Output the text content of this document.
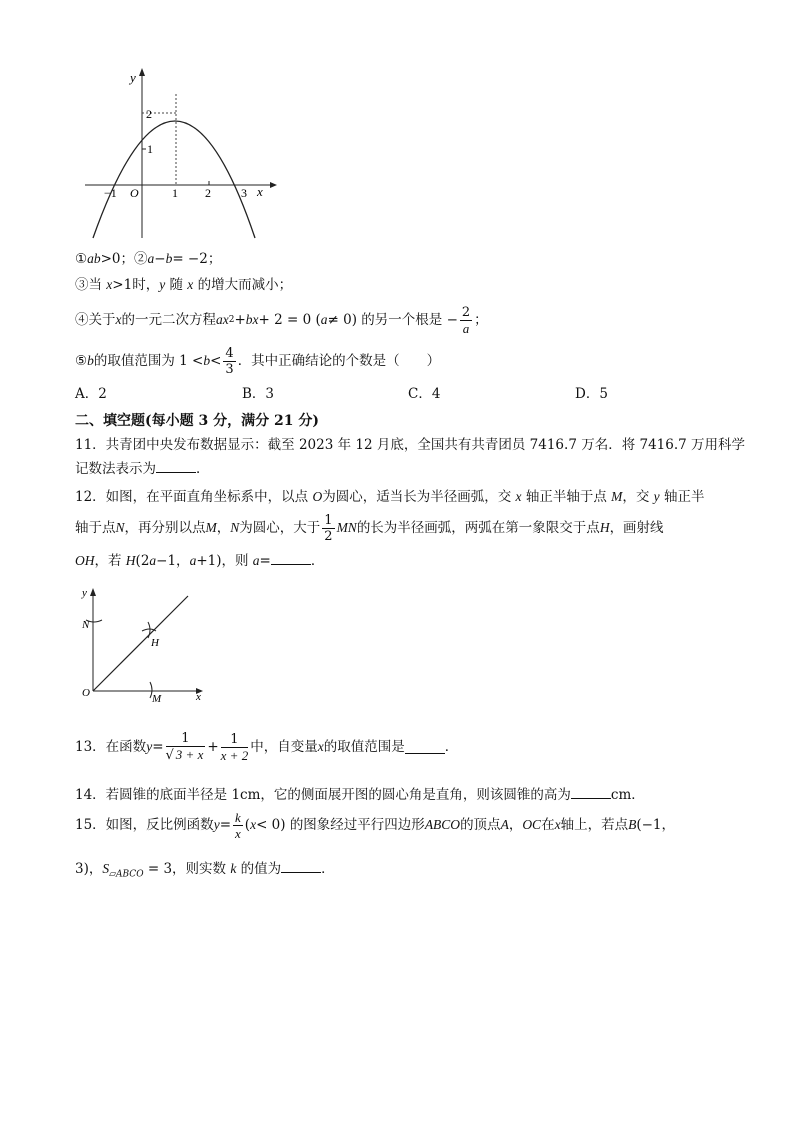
y
x
O
2
1
−1	1 2	3
①ab>0；②a−b= −2；
③当 x>1时，y 随 x 的增大而减小；
④关于 x 的一元二次方程 ax 2 + bx + 2 = 0 ( a ≠ 0) 的另一个根是 − $\frac{2}{a}$ ；
⑤ b 的取值范围为 $1 < b < \frac{4}{3}$ ．其中正确结论的个数是（　　）
A．2	B．3	C．4	D．5
二、填空题(每小题 3 分，满分 21 分)
11．共青团中央发布数据显示：截至 2023 年 12 月底，全国共有共青团员 7416.7 万名．将 7416.7 万用科学
记数法表示为	．
12．如图，在平面直角坐标系中，以点 O为圆心，适当长为半径画弧，交 x 轴正半轴于点 M，交 y 轴正半
轴于点 N ，再分别以点 M ， N 为圆心，大于 $\frac{1}{2}$ MN 的长为半径画弧，两弧在第一象限交于点 H ，画射线
OH，若 H(2a−1，a+1)，则 a=	．
y
x
O
N
H
M
13．在函数 $y = \frac{1}{√ 3 + x} + \frac{1}{x + 2}$ 中，自变量 x 的取值范围是	．
14．若圆锥的底面半径是 1cm，它的侧面展开图的圆心角是直角，则该圆锥的高为	cm．
15．如图，反比例函数 $y = \frac{k}{x}$ ( x < 0) 的图象经过平行四边形 ABCO 的顶点 A ， OC 在 x 轴上，若点 B (−1，
3)，$S_{▱ABCO} = 3$，则实数 k 的值为	．
